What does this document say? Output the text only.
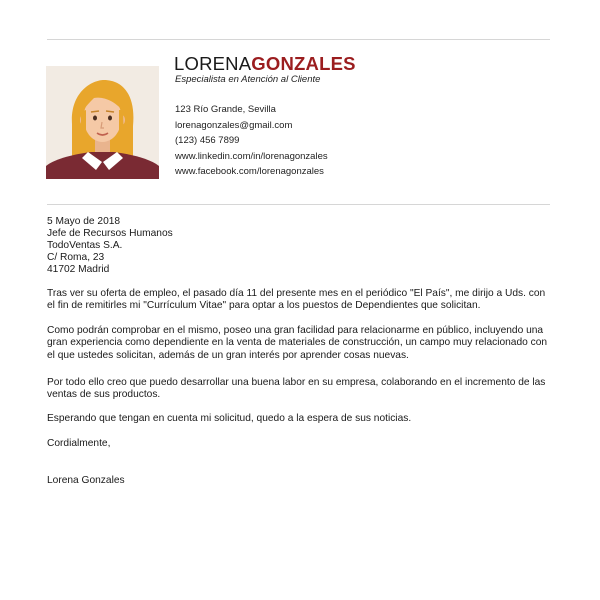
LORENAGONZALES
Especialista en Atención al Cliente
123 Río Grande, Sevilla
lorenagonzales@gmail.com
(123) 456 7899
www.linkedin.com/in/lorenagonzales
www.facebook.com/lorenagonzales
5 Mayo de 2018
Jefe de Recursos Humanos
TodoVentas S.A.
C/ Roma, 23
41702 Madrid

Tras ver su oferta de empleo, el pasado día 11 del presente mes en el periódico "El País", me dirijo a Uds. con el fin de remitirles mi "Currículum Vitae" para optar a los puestos de Dependientes que solicitan.

Como podrán comprobar en el mismo, poseo una gran facilidad para relacionarme en público, incluyendo una gran experiencia como dependiente en la venta de materiales de construcción, un campo muy relacionado con el que ustedes solicitan, además de un gran interés por aprender cosas nuevas.

Por todo ello creo que puedo desarrollar una buena labor en su empresa, colaborando en el incremento de las ventas de sus productos.

Esperando que tengan en cuenta mi solicitud, quedo a la espera de sus noticias.

Cordialmente,

Lorena Gonzales
